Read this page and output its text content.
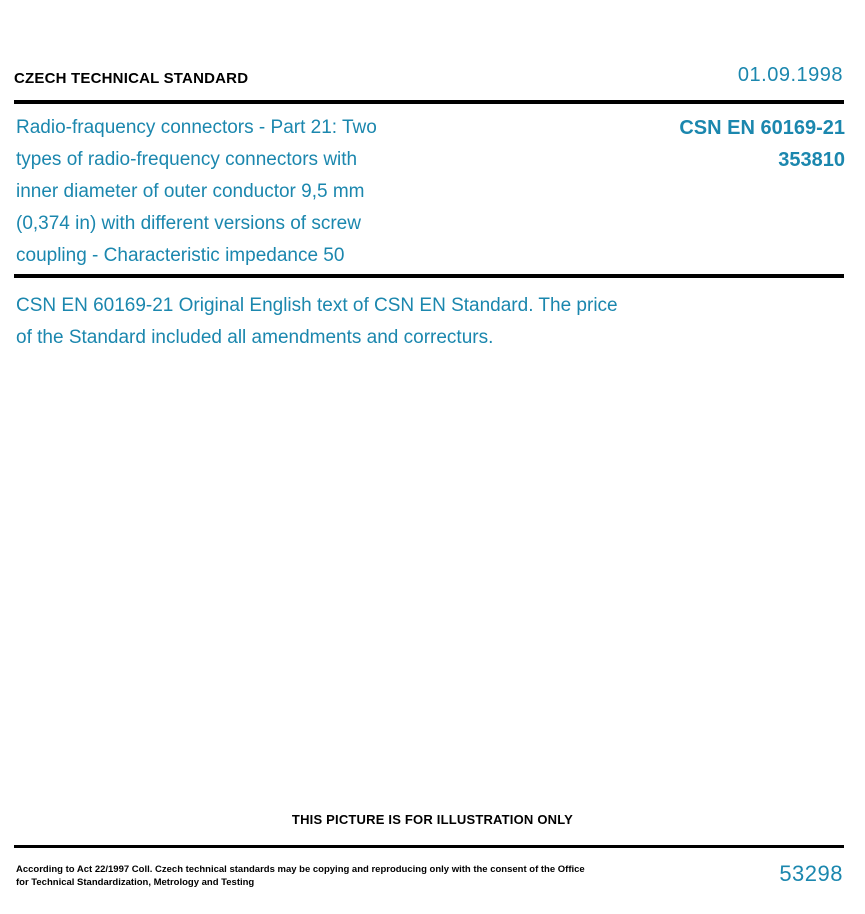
CZECH TECHNICAL STANDARD	01.09.1998
Radio-fraquency connectors - Part 21: Two
types of radio-frequency connectors with
inner diameter of outer conductor 9,5 mm
(0,374 in) with different versions of screw
coupling - Characteristic impedance 50
CSN EN 60169-21
353810
CSN EN 60169-21 Original English text of CSN EN Standard. The price
of the Standard included all amendments and correcturs.
THIS PICTURE IS FOR ILLUSTRATION ONLY
According to Act 22/1997 Coll. Czech technical standards may be copying and reproducing only with the consent of the Office
for Technical Standardization, Metrology and Testing	53298
